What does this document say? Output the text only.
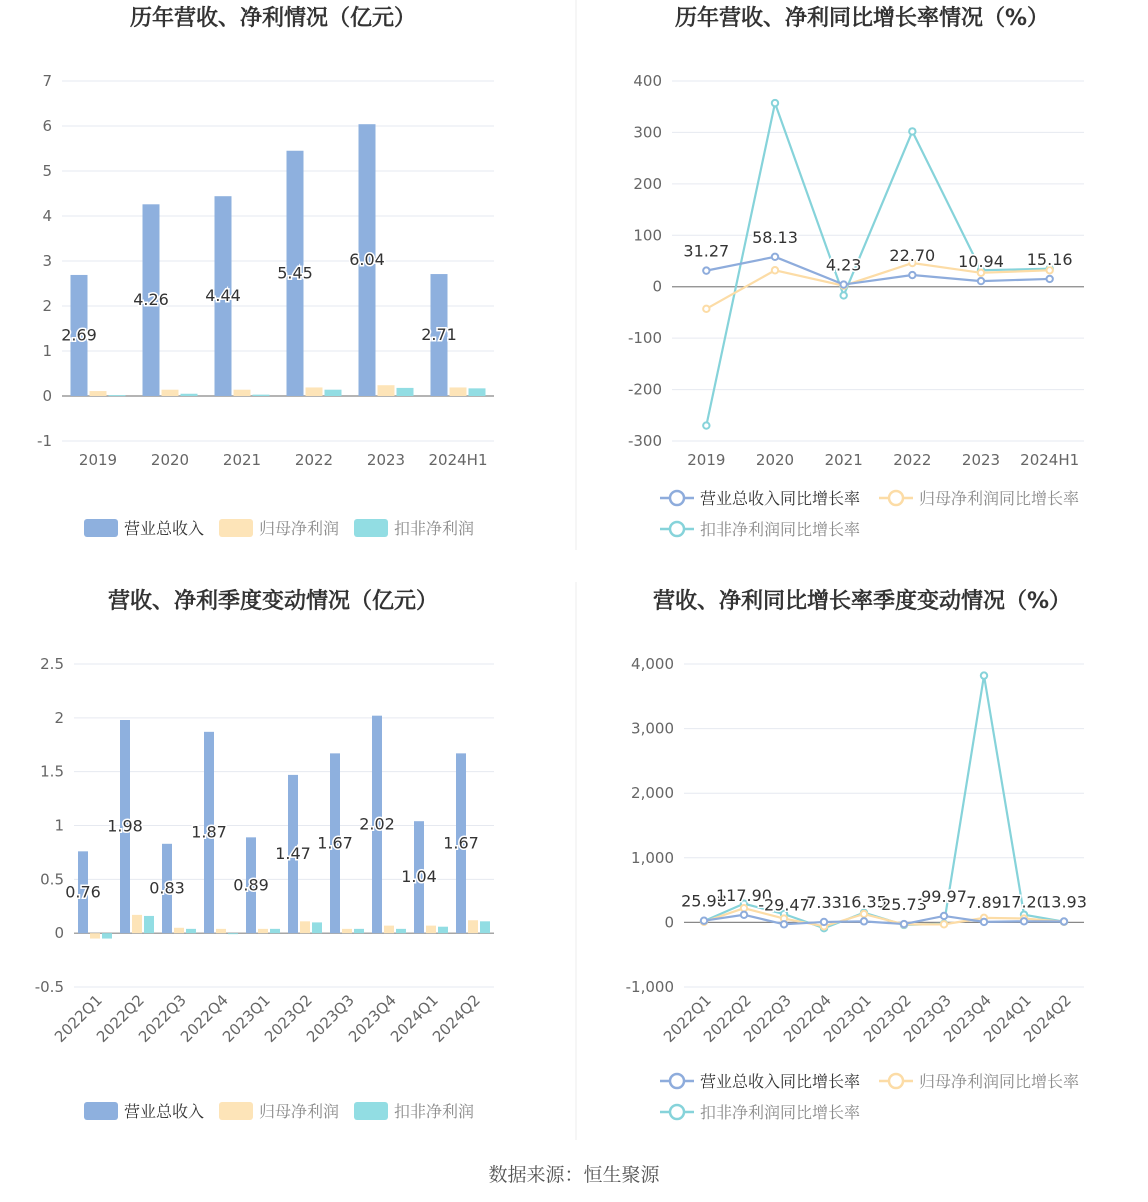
历年营收、净利情况（亿元）
-1
0
1
2
3
4
5
6
7
2019 2020 2021 2022 2023 2024H1
2.69
4.26 4.44
5.45
6.04
2.71
营业总收入	归母净利润	扣非净利润
历年营收、净利同比增长率情况（%）
-300
-200
-100
0
100
200
300
400
2019 2020 2021 2022 2023 2024H1
31.27
58.13
4.23 22.70 10.94 15.16
营业总收入同比增长率	归母净利润同比增长率
扣非净利润同比增长率
营收、净利季度变动情况（亿元）
-0.5
0
0.5
1
1.5
2
2.5
2022Q1
2022Q2
2022Q3
2022Q4
2023Q1
2023Q2
2023Q3
2023Q4
2024Q1
2024Q2
0.76
1.98
0.83
1.87
0.89
1.47
1.67
2.02
1.04
1.67
营业总收入	归母净利润	扣非净利润
营收、净利同比增长率季度变动情况（%）
-1,000
0
1,000
2,000
3,000
4,000
2022Q1
2022Q2
2022Q3
2022Q4
2023Q1
2023Q2
2023Q3
2023Q4
2024Q1
2024Q2
25.98
117.90
-29.47
7.33 16.35
25.73
99.97 7.89 17.20
13.93
营业总收入同比增长率	归母净利润同比增长率
扣非净利润同比增长率
数据来源：恒生聚源
